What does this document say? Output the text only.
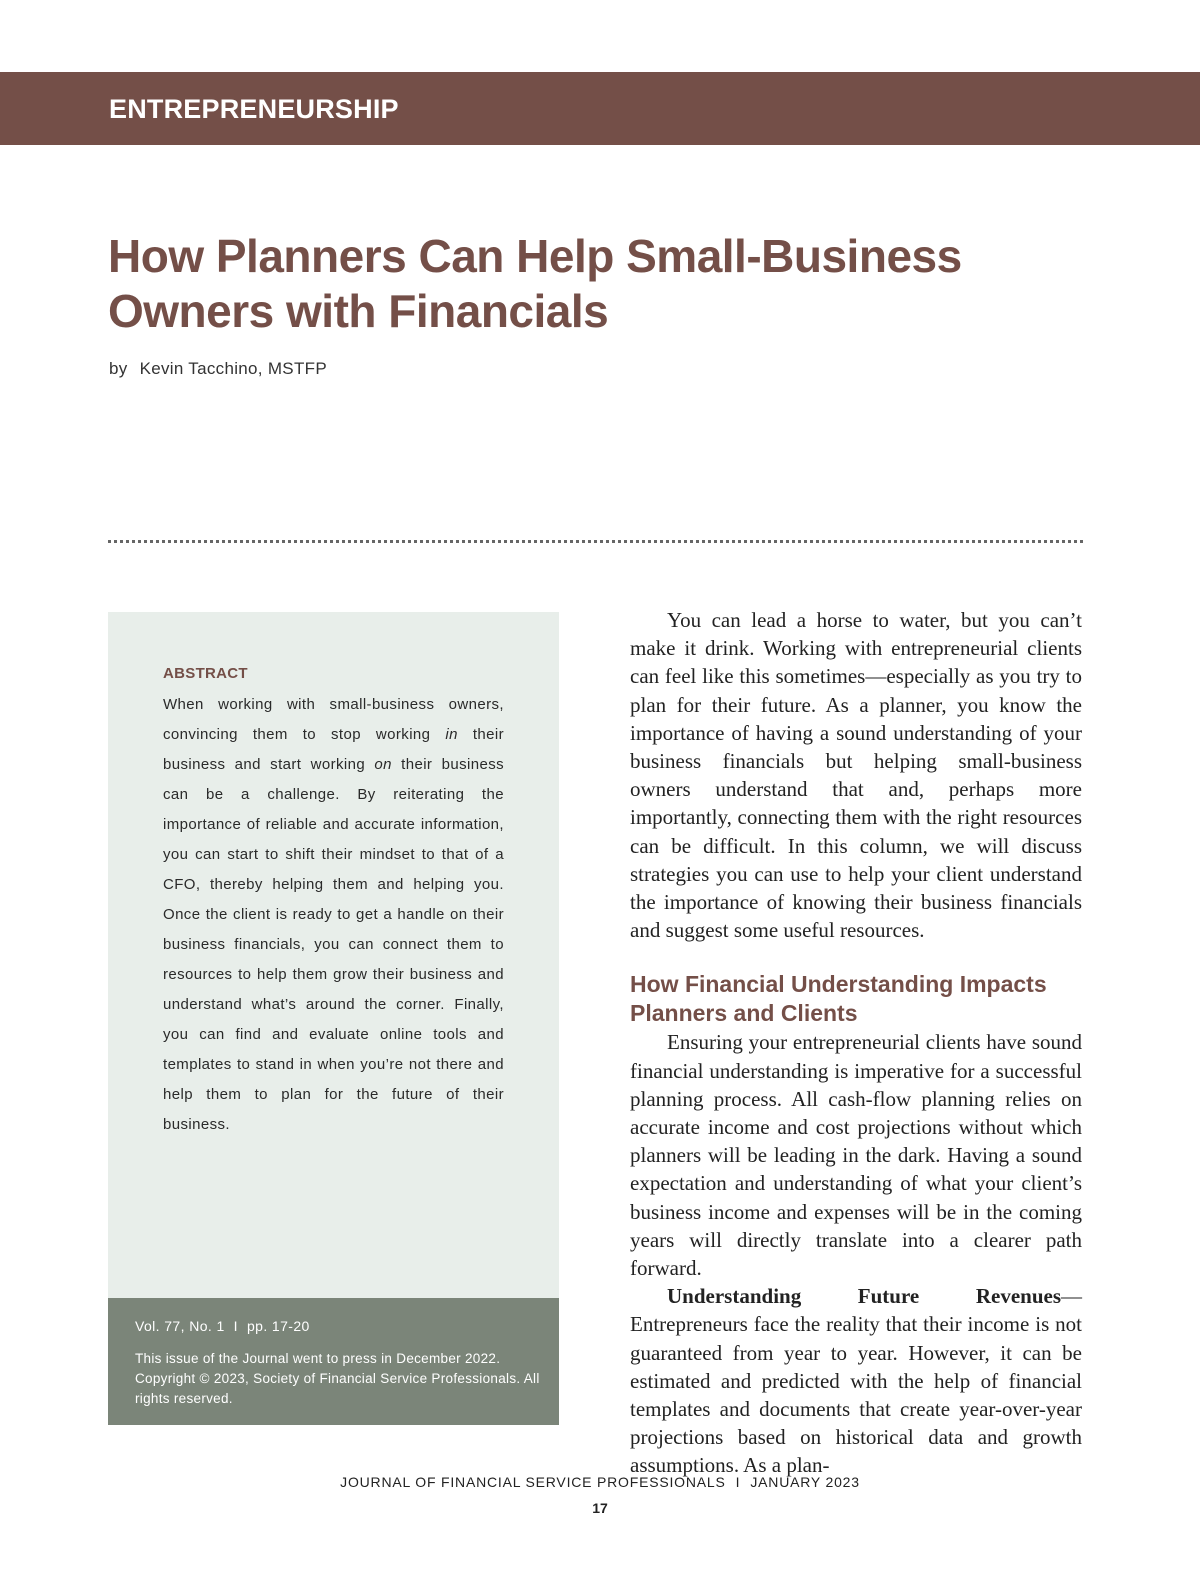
ENTREPRENEURSHIP
How Planners Can Help Small-Business Owners with Financials
by Kevin Tacchino, MSTFP
ABSTRACT

When working with small-business owners, convincing them to stop working in their business and start working on their business can be a challenge. By reiterating the importance of reliable and accurate information, you can start to shift their mindset to that of a CFO, thereby helping them and helping you. Once the client is ready to get a handle on their business financials, you can connect them to resources to help them grow their business and understand what’s around the corner. Finally, you can find and evaluate online tools and templates to stand in when you’re not there and help them to plan for the future of their business.

Vol. 77, No. 1 I pp. 17-20

This issue of the Journal went to press in December 2022. Copyright © 2023, Society of Financial Service Professionals. All rights reserved.

You can lead a horse to water, but you can’t make it drink. Working with entrepreneurial clients can feel like this sometimes—especially as you try to plan for their future. As a planner, you know the importance of having a sound understanding of your business financials but helping small-business owners understand that and, perhaps more importantly, connecting them with the right resources can be difficult. In this column, we will discuss strategies you can use to help your client understand the importance of knowing their business financials and suggest some useful resources.

How Financial Understanding Impacts Planners and Clients

Ensuring your entrepreneurial clients have sound financial understanding is imperative for a successful planning process. All cash-flow planning relies on accurate income and cost projections without which planners will be leading in the dark. Having a sound expectation and understanding of what your client’s business income and expenses will be in the coming years will directly translate into a clearer path forward.

Understanding Future Revenues—Entrepreneurs face the reality that their income is not guaranteed from year to year. However, it can be estimated and predicted with the help of financial templates and documents that create year-over-year projections based on historical data and growth assumptions. As a plan-

JOURNAL OF FINANCIAL SERVICE PROFESSIONALS I JANUARY 2023
17
